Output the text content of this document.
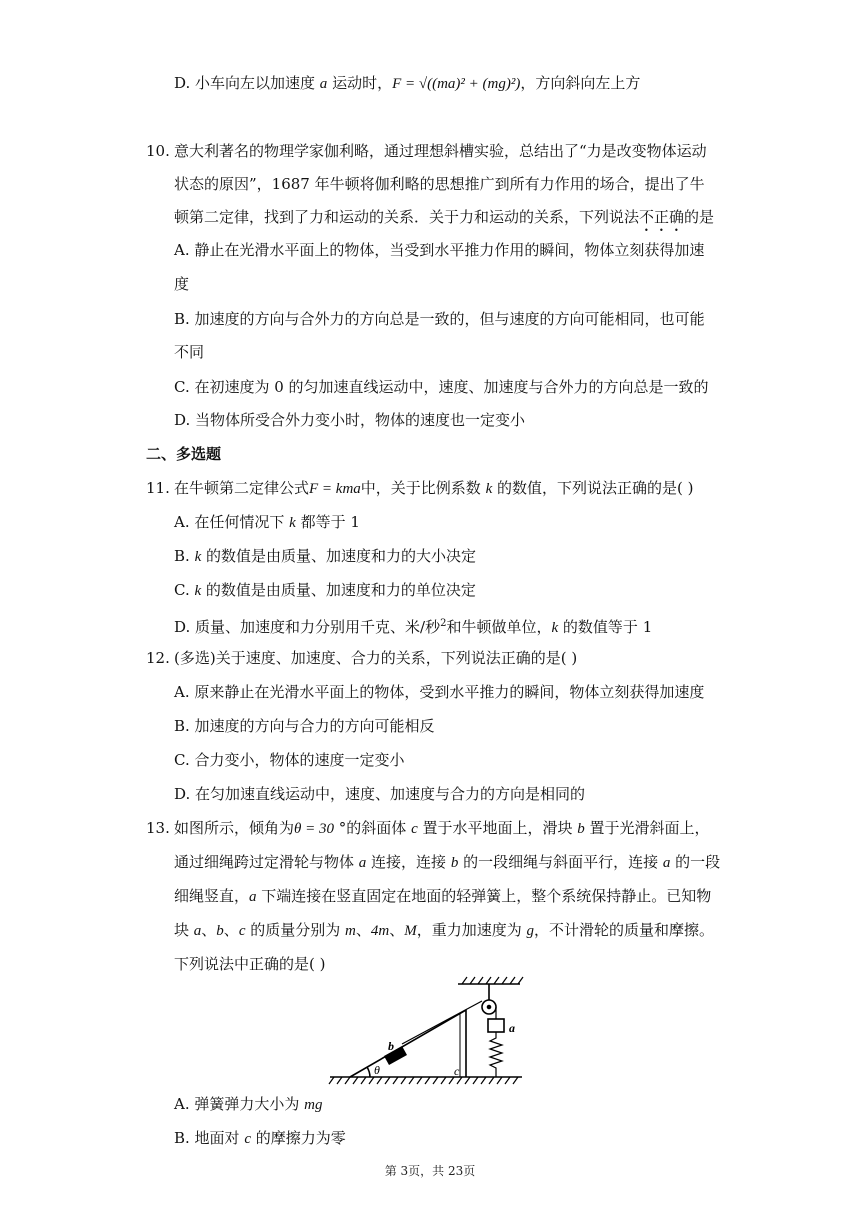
D. 小车向左以加速度 a 运动时，F = √((ma)² + (mg)²)，方向斜向左上方
10. 意大利著名的物理学家伽利略，通过理想斜槽实验，总结出了“力是改变物体运动
状态的原因”，1687 年牛顿将伽利略的思想推广到所有力作用的场合，提出了牛
顿第二定律，找到了力和运动的关系．关于力和运动的关系，下列说法不正确的是
A. 静止在光滑水平面上的物体，当受到水平推力作用的瞬间，物体立刻获得加速
度
B. 加速度的方向与合外力的方向总是一致的，但与速度的方向可能相同，也可能
不同
C. 在初速度为 0 的匀加速直线运动中，速度、加速度与合外力的方向总是一致的
D. 当物体所受合外力变小时，物体的速度也一定变小
二、多选题
11. 在牛顿第二定律公式F = kma中，关于比例系数 k 的数值，下列说法正确的是( )
A. 在任何情况下 k 都等于 1
B. k 的数值是由质量、加速度和力的大小决定
C. k 的数值是由质量、加速度和力的单位决定
D. 质量、加速度和力分别用千克、米/秒$^2$和牛顿做单位，k 的数值等于 1
12. (多选)关于速度、加速度、合力的关系，下列说法正确的是( )
A. 原来静止在光滑水平面上的物体，受到水平推力的瞬间，物体立刻获得加速度
B. 加速度的方向与合力的方向可能相反
C. 合力变小，物体的速度一定变小
D. 在匀加速直线运动中，速度、加速度与合力的方向是相同的
13. 如图所示，倾角为θ = 30 °的斜面体 c 置于水平地面上，滑块 b 置于光滑斜面上，
通过细绳跨过定滑轮与物体 a 连接，连接 b 的一段细绳与斜面平行，连接 a 的一段
细绳竖直，a 下端连接在竖直固定在地面的轻弹簧上，整个系统保持静止。已知物
块 a、b、c 的质量分别为 m、4m、M，重力加速度为 g，不计滑轮的质量和摩擦。
下列说法中正确的是( )
b
a
c
θ
A. 弹簧弹力大小为 mg
B. 地面对 c 的摩擦力为零
第 3页，共 23页
